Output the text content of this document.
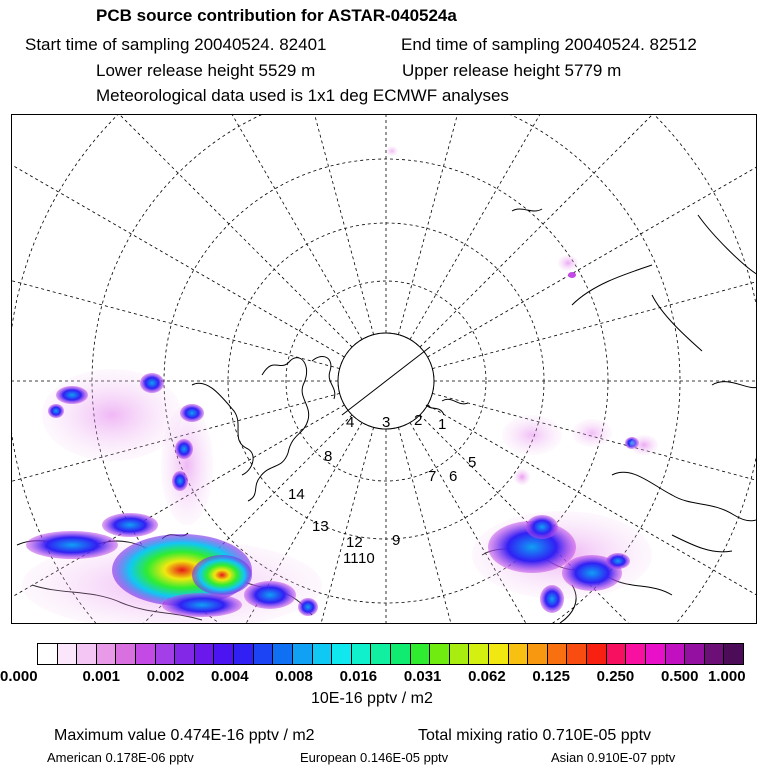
PCB source contribution for ASTAR-040524a
Start time of sampling 20040524. 82401	End time of sampling 20040524. 82512
Lower release height 5529 m	Upper release height 5779 m
Meteorological data used is 1x1 deg ECMWF analyses
1
2
3
4
5
6
7
8
9
10
11
12
13
14
0.000	0.001 0.002 0.004 0.008 0.016 0.031 0.062 0.125 0.250 0.500 1.000
10E-16 pptv / m2
Maximum value 0.474E-16 pptv / m2	Total mixing ratio 0.710E-05 pptv
American 0.178E-06 pptv	European 0.146E-05 pptv	Asian 0.910E-07 pptv
